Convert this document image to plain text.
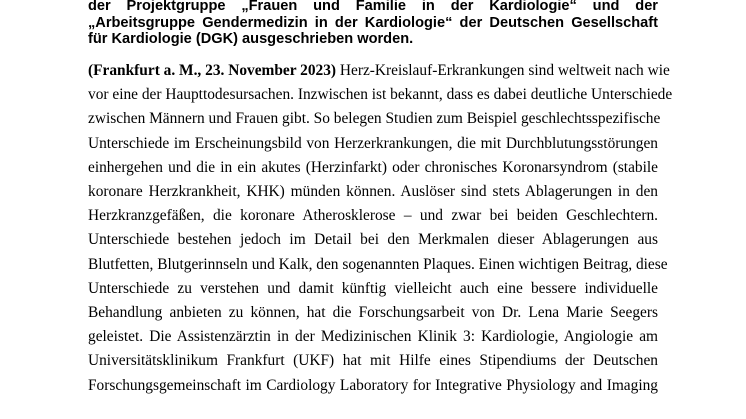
der Projektgruppe „Frauen und Familie in der Kardiologie“ und der
„Arbeitsgruppe Gendermedizin in der Kardiologie“ der Deutschen Gesellschaft
für Kardiologie (DGK) ausgeschrieben worden.
(Frankfurt a. M., 23. November 2023) Herz-Kreislauf-Erkrankungen sind weltweit nach wie
vor eine der Haupttodesursachen. Inzwischen ist bekannt, dass es dabei deutliche Unterschiede
zwischen Männern und Frauen gibt. So belegen Studien zum Beispiel geschlechtsspezifische
Unterschiede im Erscheinungsbild von Herzerkrankungen, die mit Durchblutungsstörungen
einhergehen und die in ein akutes (Herzinfarkt) oder chronisches Koronarsyndrom (stabile
koronare Herzkrankheit, KHK) münden können. Auslöser sind stets Ablagerungen in den
Herzkranzgefäßen, die koronare Atherosklerose – und zwar bei beiden Geschlechtern.
Unterschiede bestehen jedoch im Detail bei den Merkmalen dieser Ablagerungen aus
Blutfetten, Blutgerinnseln und Kalk, den sogenannten Plaques. Einen wichtigen Beitrag, diese
Unterschiede zu verstehen und damit künftig vielleicht auch eine bessere individuelle
Behandlung anbieten zu können, hat die Forschungsarbeit von Dr. Lena Marie Seegers
geleistet. Die Assistenzärztin in der Medizinischen Klinik 3: Kardiologie, Angiologie am
Universitätsklinikum Frankfurt (UKF) hat mit Hilfe eines Stipendiums der Deutschen
Forschungsgemeinschaft im Cardiology Laboratory for Integrative Physiology and Imaging
